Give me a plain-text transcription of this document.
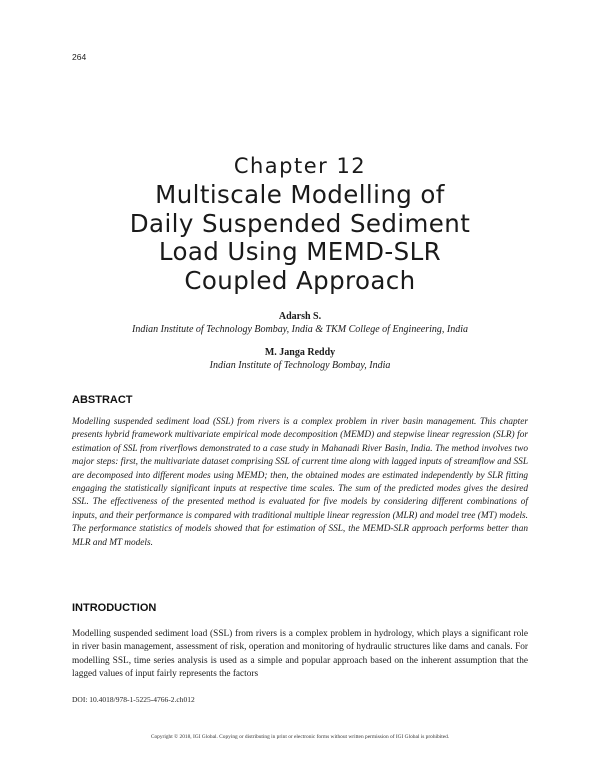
264
Chapter 12
Multiscale Modelling of
Daily Suspended Sediment
Load Using MEMD-SLR
Coupled Approach
Adarsh S.
Indian Institute of Technology Bombay, India & TKM College of Engineering, India
M. Janga Reddy
Indian Institute of Technology Bombay, India
ABSTRACT
Modelling suspended sediment load (SSL) from rivers is a complex problem in river basin management. This chapter presents hybrid framework multivariate empirical mode decomposition (MEMD) and stepwise linear regression (SLR) for estimation of SSL from riverflows demonstrated to a case study in Mahanadi River Basin, India. The method involves two major steps: first, the multivariate dataset comprising SSL of current time along with lagged inputs of streamflow and SSL are decomposed into different modes using MEMD; then, the obtained modes are estimated independently by SLR fitting engaging the statistically significant inputs at respective time scales. The sum of the predicted modes gives the desired SSL. The effectiveness of the presented method is evaluated for five models by considering different combinations of inputs, and their performance is compared with traditional multiple linear regression (MLR) and model tree (MT) models. The performance statistics of models showed that for estimation of SSL, the MEMD-SLR approach performs better than MLR and MT models.
INTRODUCTION
Modelling suspended sediment load (SSL) from rivers is a complex problem in hydrology, which plays a significant role in river basin management, assessment of risk, operation and monitoring of hydraulic structures like dams and canals. For modelling SSL, time series analysis is used as a simple and popular approach based on the inherent assumption that the lagged values of input fairly represents the factors
DOI: 10.4018/978-1-5225-4766-2.ch012
Copyright © 2018, IGI Global. Copying or distributing in print or electronic forms without written permission of IGI Global is prohibited.
